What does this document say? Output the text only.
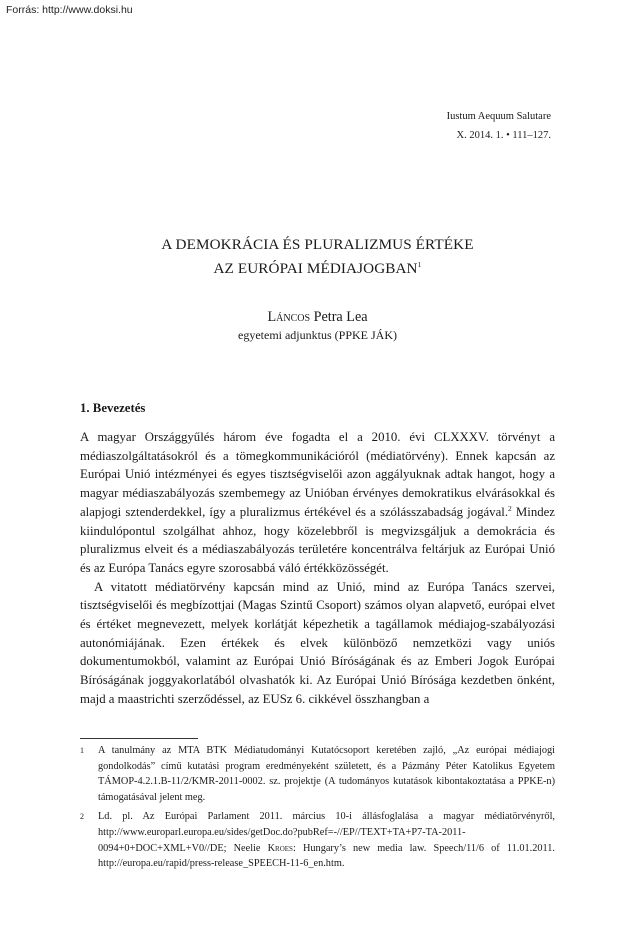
Forrás: http://www.doksi.hu
Iustum Aequum Salutare
X. 2014. 1. • 111–127.
A DEMOKRÁCIA ÉS PLURALIZMUS ÉRTÉKE
AZ EURÓPAI MÉDIAJOGBAN$^1$
Láncos Petra Lea
egyetemi adjunktus (PPKE JÁK)
1. Bevezetés

A magyar Országgyűlés három éve fogadta el a 2010. évi CLXXXV. törvényt a médiaszolgáltatásokról és a tömegkommunikációról (médiatörvény). Ennek kapcsán az Európai Unió intézményei és egyes tisztségviselői azon aggályuknak adtak hangot, hogy a magyar médiaszabályozás szembemegy az Unióban érvényes demokratikus elvárásokkal és alapjogi sztenderdekkel, így a pluralizmus értékével és a szólásszabadság jogával.$^2$ Mindez kiindulópontul szolgálhat ahhoz, hogy közelebbről is megvizsgáljuk a demokrácia és pluralizmus elveit és a médiaszabályozás területére koncentrálva feltárjuk az Európai Unió és az Európa Tanács egyre szorosabbá váló értékközösségét.

A vitatott médiatörvény kapcsán mind az Unió, mind az Európa Tanács szervei, tisztségviselői és megbízottjai (Magas Szintű Csoport) számos olyan alapvető, európai elvet és értéket megnevezett, melyek korlátját képezhetik a tagállamok médiajog-szabályozási autonómiájának. Ezen értékek és elvek különböző nemzetközi vagy uniós dokumentumokból, valamint az Európai Unió Bíróságának és az Emberi Jogok Európai Bíróságának joggyakorlatából olvashatók ki. Az Európai Unió Bírósága kezdetben önként, majd a maastrichti szerződéssel, az EUSz 6. cikkével összhangban a

1	A tanulmány az MTA BTK Médiatudományi Kutatócsoport keretében zajló, „Az európai médiajogi gondolkodás” című kutatási program eredményeként született, és a Pázmány Péter Katolikus Egyetem TÁMOP-4.2.1.B-11/2/KMR-2011-0002. sz. projektje (A tudományos kutatások kibontakoztatása a PPKE-n) támogatásával jelent meg.
2	Ld. pl. Az Európai Parlament 2011. március 10-i állásfoglalása a magyar médiatörvényről, http://www.europarl.europa.eu/sides/getDoc.do?pubRef=-//EP//TEXT+TA+P7-TA-2011-0094+0+DOC+XML+V0//DE; Neelie Kroes: Hungary’s new media law. Speech/11/6 of 11.01.2011. http://europa.eu/rapid/press-release_SPEECH-11-6_en.htm.
